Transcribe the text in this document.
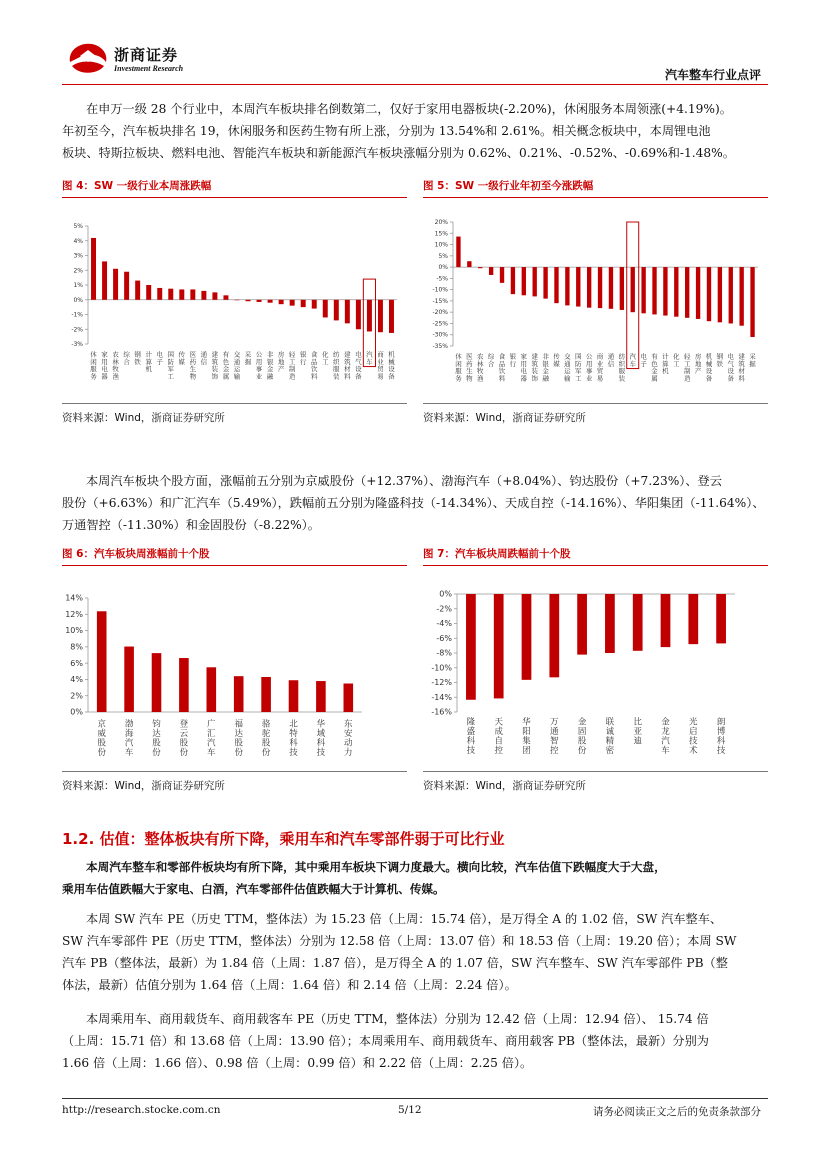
浙商证券
Investment Research	汽车整车行业点评
在申万一级 28 个行业中，本周汽车板块排名倒数第二，仅好于家用电器板块(-2.20%)，休闲服务本周领涨(+4.19%)。
年初至今，汽车板块排名 19，休闲服务和医药生物有所上涨，分别为 13.54%和 2.61%。相关概念板块中，本周锂电池
板块、特斯拉板块、燃料电池、智能汽车板块和新能源汽车板块涨幅分别为 0.62%、0.21%、-0.52%、-0.69%和-1.48%。
图 4：SW 一级行业本周涨跌幅
5%
4%
3%
2%
1%
0%
-1%
-2%
-3%
休闲服务
家用电器
农林牧渔
综合
钢铁
计算机
电子
国防军工
传媒
医药生物
通信
建筑装饰
有色金属
交通运输
采掘
公用事业
非银金融
房地产
轻工制造
银行
食品饮料
化工
纺织服装
建筑材料
电气设备
汽车
商业贸易
机械设备
资料来源：Wind，浙商证券研究所
图 5：SW 一级行业年初至今涨跌幅
20%
15%
10%
5%
0%
-5%
-10%
-15%
-20%
-25%
-30%
-35%
休闲服务
医药生物
农林牧渔
综合
食品饮料
银行
家用电器
建筑装饰
非银金融
传媒
交通运输
国防军工
公用事业
商业贸易
通信
纺织服装
汽车
电子
有色金属
计算机
化工
轻工制造
房地产
机械设备
钢铁
电气设备
建筑材料
采掘
资料来源：Wind，浙商证券研究所
本周汽车板块个股方面，涨幅前五分别为京威股份（+12.37%）、渤海汽车（+8.04%）、钧达股份（+7.23%）、登云
股份（+6.63%）和广汇汽车（5.49%），跌幅前五分别为隆盛科技（-14.34%）、天成自控（-14.16%）、华阳集团（-11.64%）、
万通智控（-11.30%）和金固股份（-8.22%）。
图 6：汽车板块周涨幅前十个股
14%
12%
10%
8%
6%
4%
2%
0%
京威股份
渤海汽车
钧达股份
登云股份
广汇汽车
福达股份
骆驼股份
北特科技
华域科技
东安动力
资料来源：Wind，浙商证券研究所
图 7：汽车板块周跌幅前十个股
0%
-2%
-4%
-6%
-8%
-10%
-12%
-14%
-16%
隆盛科技
天成自控
华阳集团
万通智控
金固股份
联诚精密
比亚迪
金龙汽车
光启技术
朗博科技
资料来源：Wind，浙商证券研究所
1.2. 估值：整体板块有所下降，乘用车和汽车零部件弱于可比行业
本周汽车整车和零部件板块均有所下降，其中乘用车板块下调力度最大。横向比较，汽车估值下跌幅度大于大盘，
乘用车估值跌幅大于家电、白酒，汽车零部件估值跌幅大于计算机、传媒。
本周 SW 汽车 PE（历史 TTM，整体法）为 15.23 倍（上周：15.74 倍），是万得全 A 的 1.02 倍，SW 汽车整车、
SW 汽车零部件 PE（历史 TTM，整体法）分别为 12.58 倍（上周：13.07 倍）和 18.53 倍（上周：19.20 倍）；本周 SW
汽车 PB（整体法，最新）为 1.84 倍（上周：1.87 倍），是万得全 A 的 1.07 倍，SW 汽车整车、SW 汽车零部件 PB（整
体法，最新）估值分别为 1.64 倍（上周：1.64 倍）和 2.14 倍（上周：2.24 倍）。
本周乘用车、商用载货车、商用载客车 PE（历史 TTM，整体法）分别为 12.42 倍（上周：12.94 倍）、 15.74 倍
（上周：15.71 倍）和 13.68 倍（上周：13.90 倍）；本周乘用车、商用载货车、商用载客 PB（整体法，最新）分别为
1.66 倍（上周：1.66 倍）、0.98 倍（上周：0.99 倍）和 2.22 倍（上周：2.25 倍）。
http://research.stocke.com.cn	5/12	请务必阅读正文之后的免责条款部分
